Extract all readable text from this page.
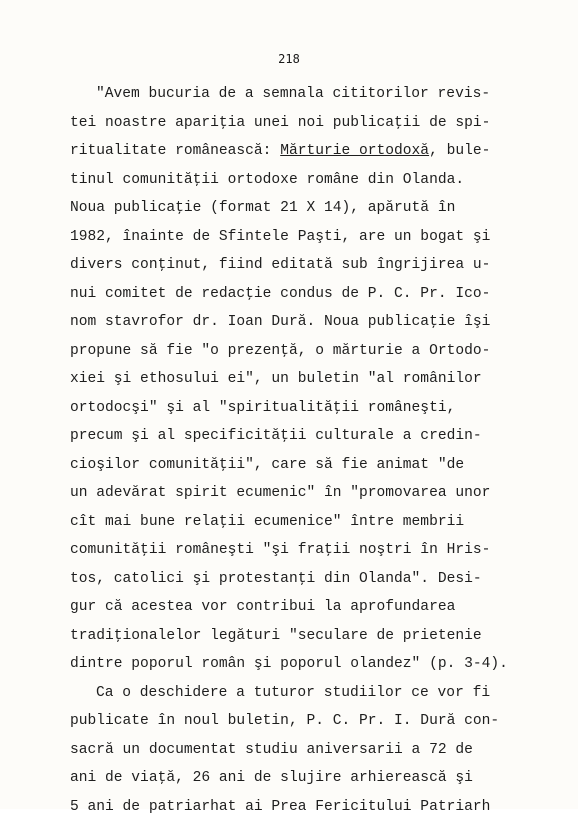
218
"Avem bucuria de a semnala cititorilor revis-
tei noastre apariţia unei noi publicaţii de spi-
ritualitate românească: Mărturie ortodoxă, bule-
tinul comunităţii ortodoxe române din Olanda.
Noua publicaţie (format 21 X 14), apărută în
1982, înainte de Sfintele Paşti, are un bogat şi
divers conţinut, fiind editată sub îngrijirea u-
nui comitet de redacţie condus de P. C. Pr. Ico-
nom stavrofor dr. Ioan Dură. Noua publicaţie îşi
propune să fie "o prezenţă, o mărturie a Ortodo-
xiei şi ethosului ei", un buletin "al românilor
ortodocşi" şi al "spiritualităţii româneşti,
precum şi al specificităţii culturale a credin-
cioşilor comunităţii", care să fie animat "de
un adevărat spirit ecumenic" în "promovarea unor
cît mai bune relaţii ecumenice" între membrii
comunităţii româneşti "şi fraţii noştri în Hris-
tos, catolici şi protestanţi din Olanda". Desi-
gur că acestea vor contribui la aprofundarea
tradiţionalelor legături "seculare de prietenie
dintre poporul român şi poporul olandez" (p. 3-4).
Ca o deschidere a tuturor studiilor ce vor fi
publicate în noul buletin, P. C. Pr. I. Dură con-
sacră un documentat studiu aniversarii a 72 de
ani de viaţă, 26 ani de slujire arhierească şi
5 ani de patriarhat ai Prea Fericitului Patriarh
